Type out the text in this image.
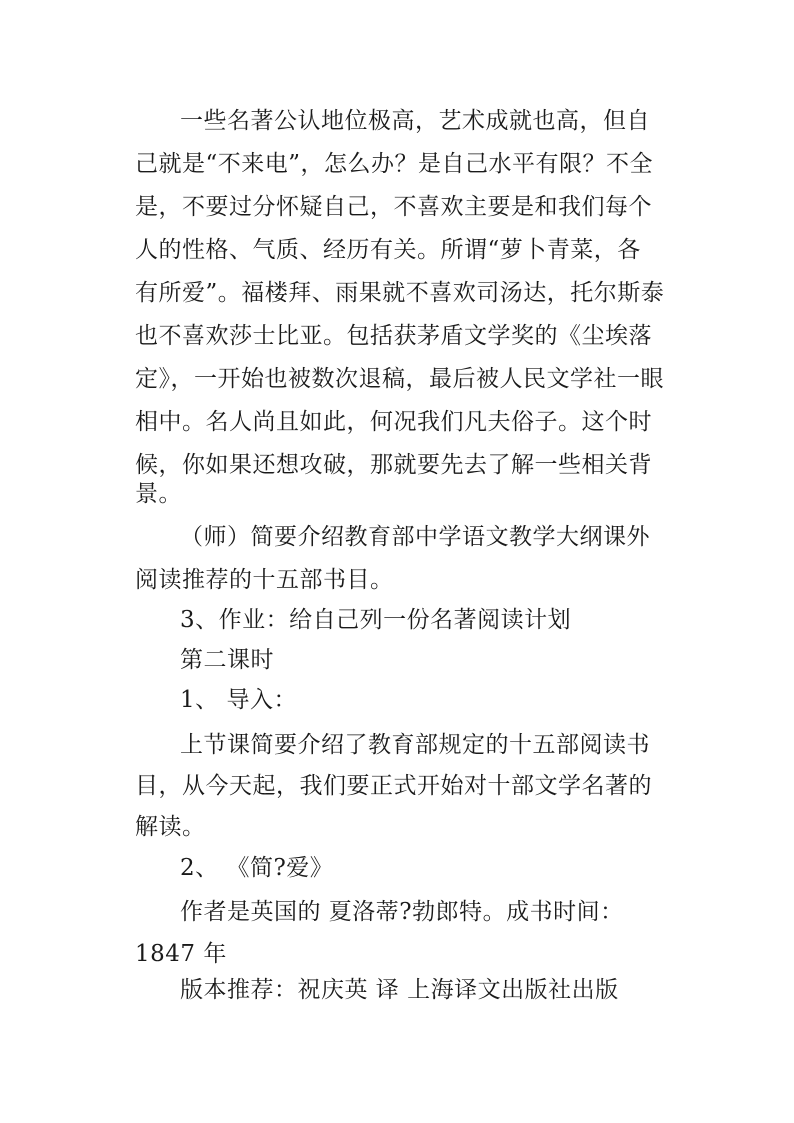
一些名著公认地位极高，艺术成就也高，但自
己就是“不来电”，怎么办？是自己水平有限？不全
是，不要过分怀疑自己，不喜欢主要是和我们每个
人的性格、气质、经历有关。所谓“萝卜青菜，各
有所爱”。福楼拜、雨果就不喜欢司汤达，托尔斯泰
也不喜欢莎士比亚。包括获茅盾文学奖的《尘埃落
定》，一开始也被数次退稿，最后被人民文学社一眼
相中。名人尚且如此，何况我们凡夫俗子。这个时
候，你如果还想攻破，那就要先去了解一些相关背
景。
（师）简要介绍教育部中学语文教学大纲课外
阅读推荐的十五部书目。
3、作业：给自己列一份名著阅读计划
第二课时
1、 导入：
上节课简要介绍了教育部规定的十五部阅读书
目，从今天起，我们要正式开始对十部文学名著的
解读。
2、 《简?爱》
作者是英国的 夏洛蒂?勃郎特。成书时间：
1847 年
版本推荐：祝庆英 译 上海译文出版社出版
